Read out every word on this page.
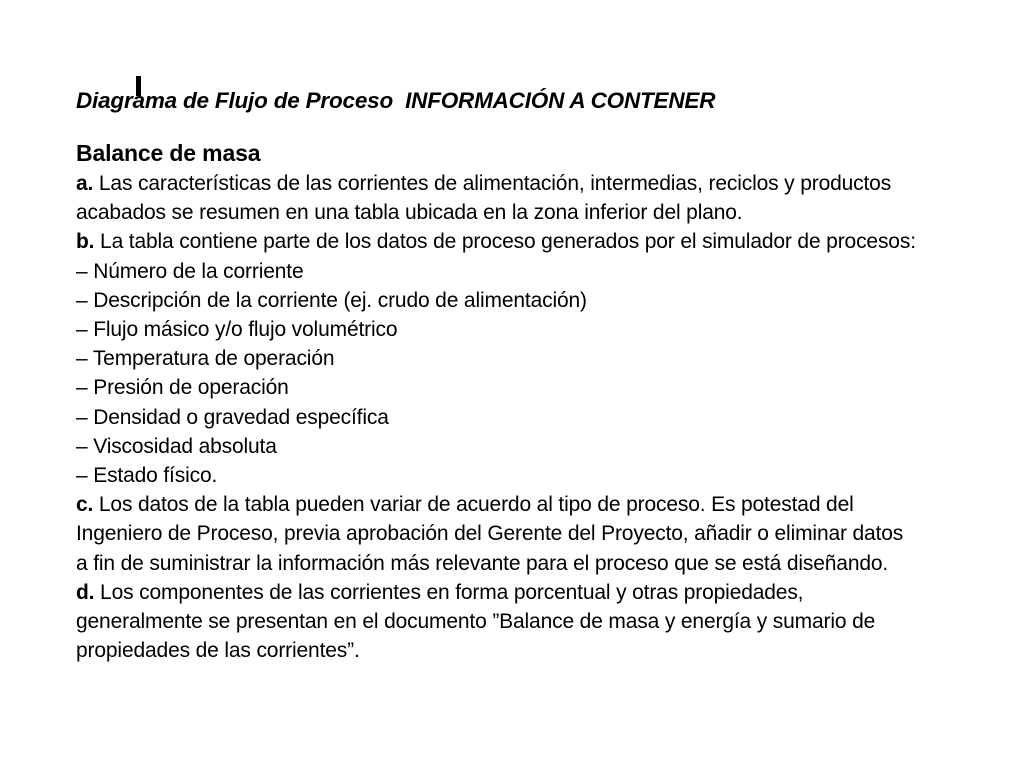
Diagrama de Flujo de Proceso  INFORMACIÓN A CONTENER
Balance de masa
a. Las características de las corrientes de alimentación, intermedias, reciclos y productos
acabados se resumen en una tabla ubicada en la zona inferior del plano.
b. La tabla contiene parte de los datos de proceso generados por el simulador de procesos:
– Número de la corriente
– Descripción de la corriente (ej. crudo de alimentación)
– Flujo másico y/o flujo volumétrico
– Temperatura de operación
– Presión de operación
– Densidad o gravedad específica
– Viscosidad absoluta
– Estado físico.
c. Los datos de la tabla pueden variar de acuerdo al tipo de proceso. Es potestad del
Ingeniero de Proceso, previa aprobación del Gerente del Proyecto, añadir o eliminar datos
a fin de suministrar la información más relevante para el proceso que se está diseñando.
d. Los componentes de las corrientes en forma porcentual y otras propiedades,
generalmente se presentan en el documento ”Balance de masa y energía y sumario de
propiedades de las corrientes”.
